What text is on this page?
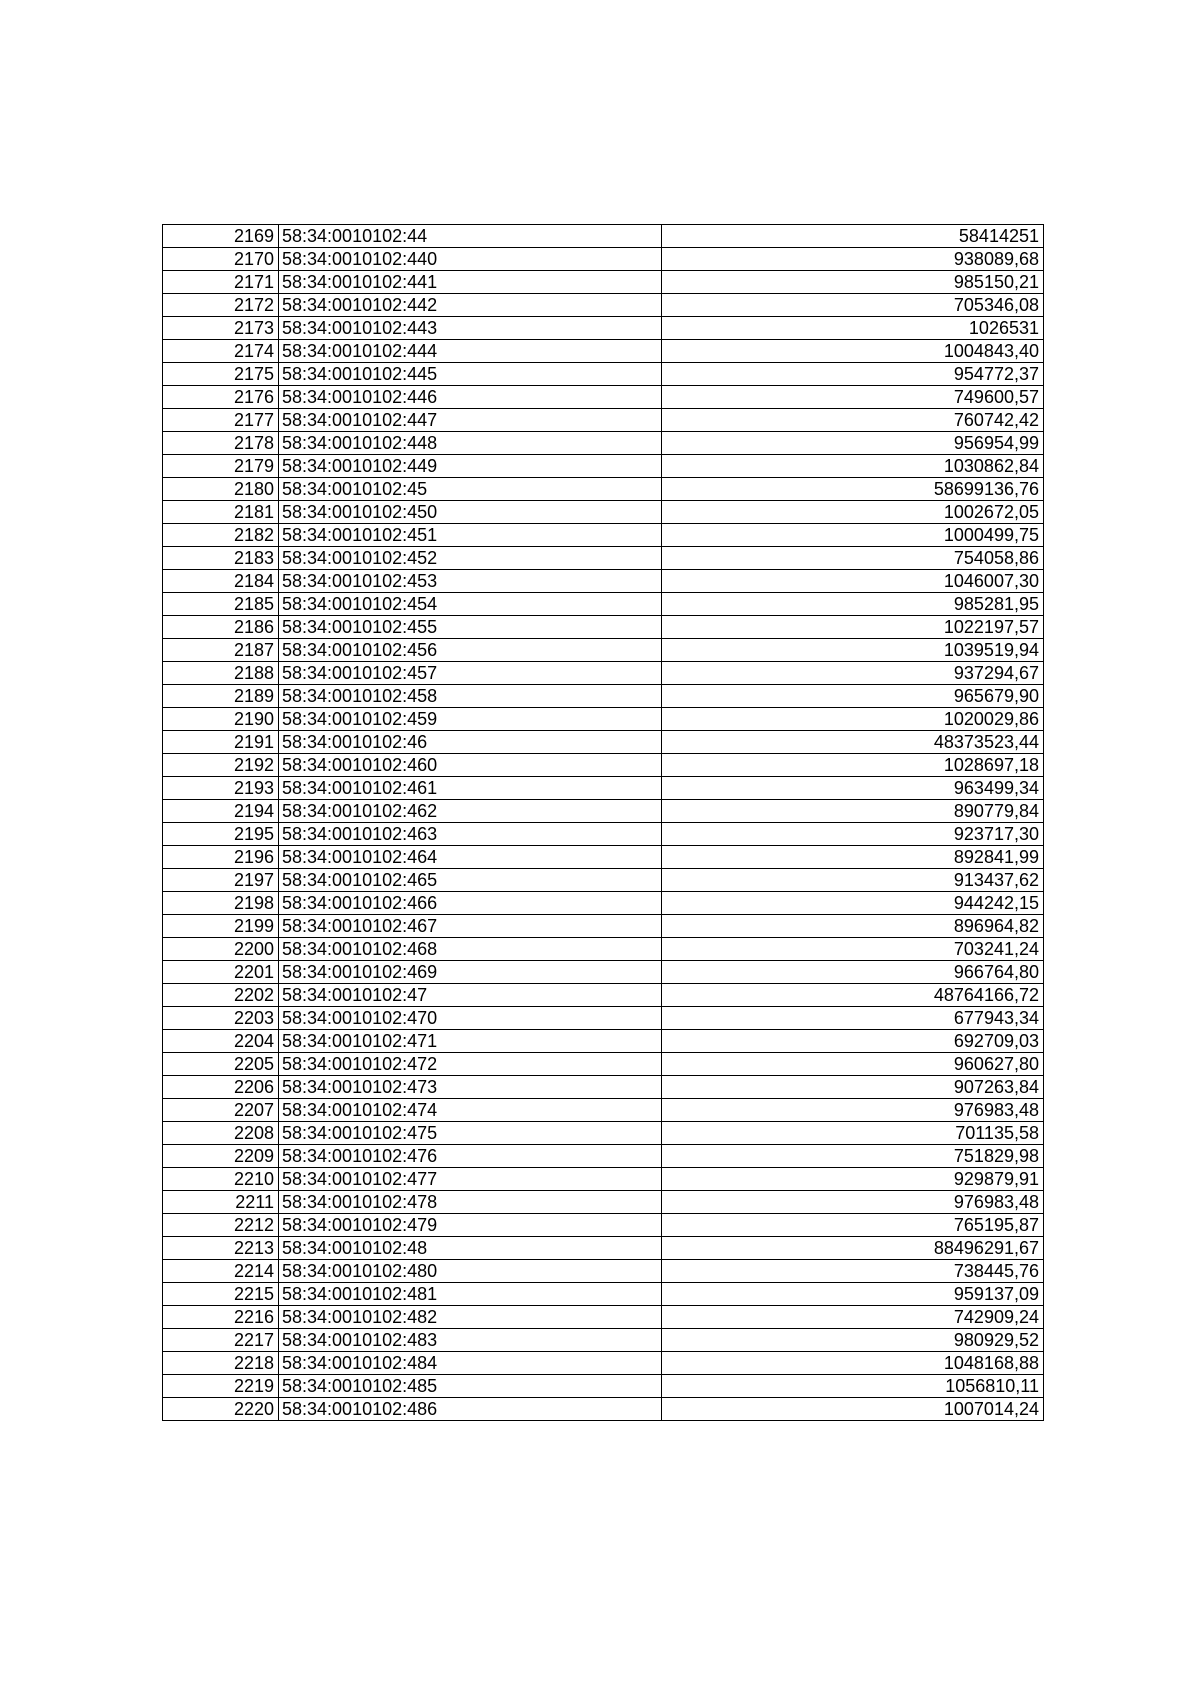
2169	58:34:0010102:44	58414251
2170	58:34:0010102:440	938089,68
2171	58:34:0010102:441	985150,21
2172	58:34:0010102:442	705346,08
2173	58:34:0010102:443	1026531
2174	58:34:0010102:444	1004843,40
2175	58:34:0010102:445	954772,37
2176	58:34:0010102:446	749600,57
2177	58:34:0010102:447	760742,42
2178	58:34:0010102:448	956954,99
2179	58:34:0010102:449	1030862,84
2180	58:34:0010102:45	58699136,76
2181	58:34:0010102:450	1002672,05
2182	58:34:0010102:451	1000499,75
2183	58:34:0010102:452	754058,86
2184	58:34:0010102:453	1046007,30
2185	58:34:0010102:454	985281,95
2186	58:34:0010102:455	1022197,57
2187	58:34:0010102:456	1039519,94
2188	58:34:0010102:457	937294,67
2189	58:34:0010102:458	965679,90
2190	58:34:0010102:459	1020029,86
2191	58:34:0010102:46	48373523,44
2192	58:34:0010102:460	1028697,18
2193	58:34:0010102:461	963499,34
2194	58:34:0010102:462	890779,84
2195	58:34:0010102:463	923717,30
2196	58:34:0010102:464	892841,99
2197	58:34:0010102:465	913437,62
2198	58:34:0010102:466	944242,15
2199	58:34:0010102:467	896964,82
2200	58:34:0010102:468	703241,24
2201	58:34:0010102:469	966764,80
2202	58:34:0010102:47	48764166,72
2203	58:34:0010102:470	677943,34
2204	58:34:0010102:471	692709,03
2205	58:34:0010102:472	960627,80
2206	58:34:0010102:473	907263,84
2207	58:34:0010102:474	976983,48
2208	58:34:0010102:475	701135,58
2209	58:34:0010102:476	751829,98
2210	58:34:0010102:477	929879,91
2211	58:34:0010102:478	976983,48
2212	58:34:0010102:479	765195,87
2213	58:34:0010102:48	88496291,67
2214	58:34:0010102:480	738445,76
2215	58:34:0010102:481	959137,09
2216	58:34:0010102:482	742909,24
2217	58:34:0010102:483	980929,52
2218	58:34:0010102:484	1048168,88
2219	58:34:0010102:485	1056810,11
2220	58:34:0010102:486	1007014,24
